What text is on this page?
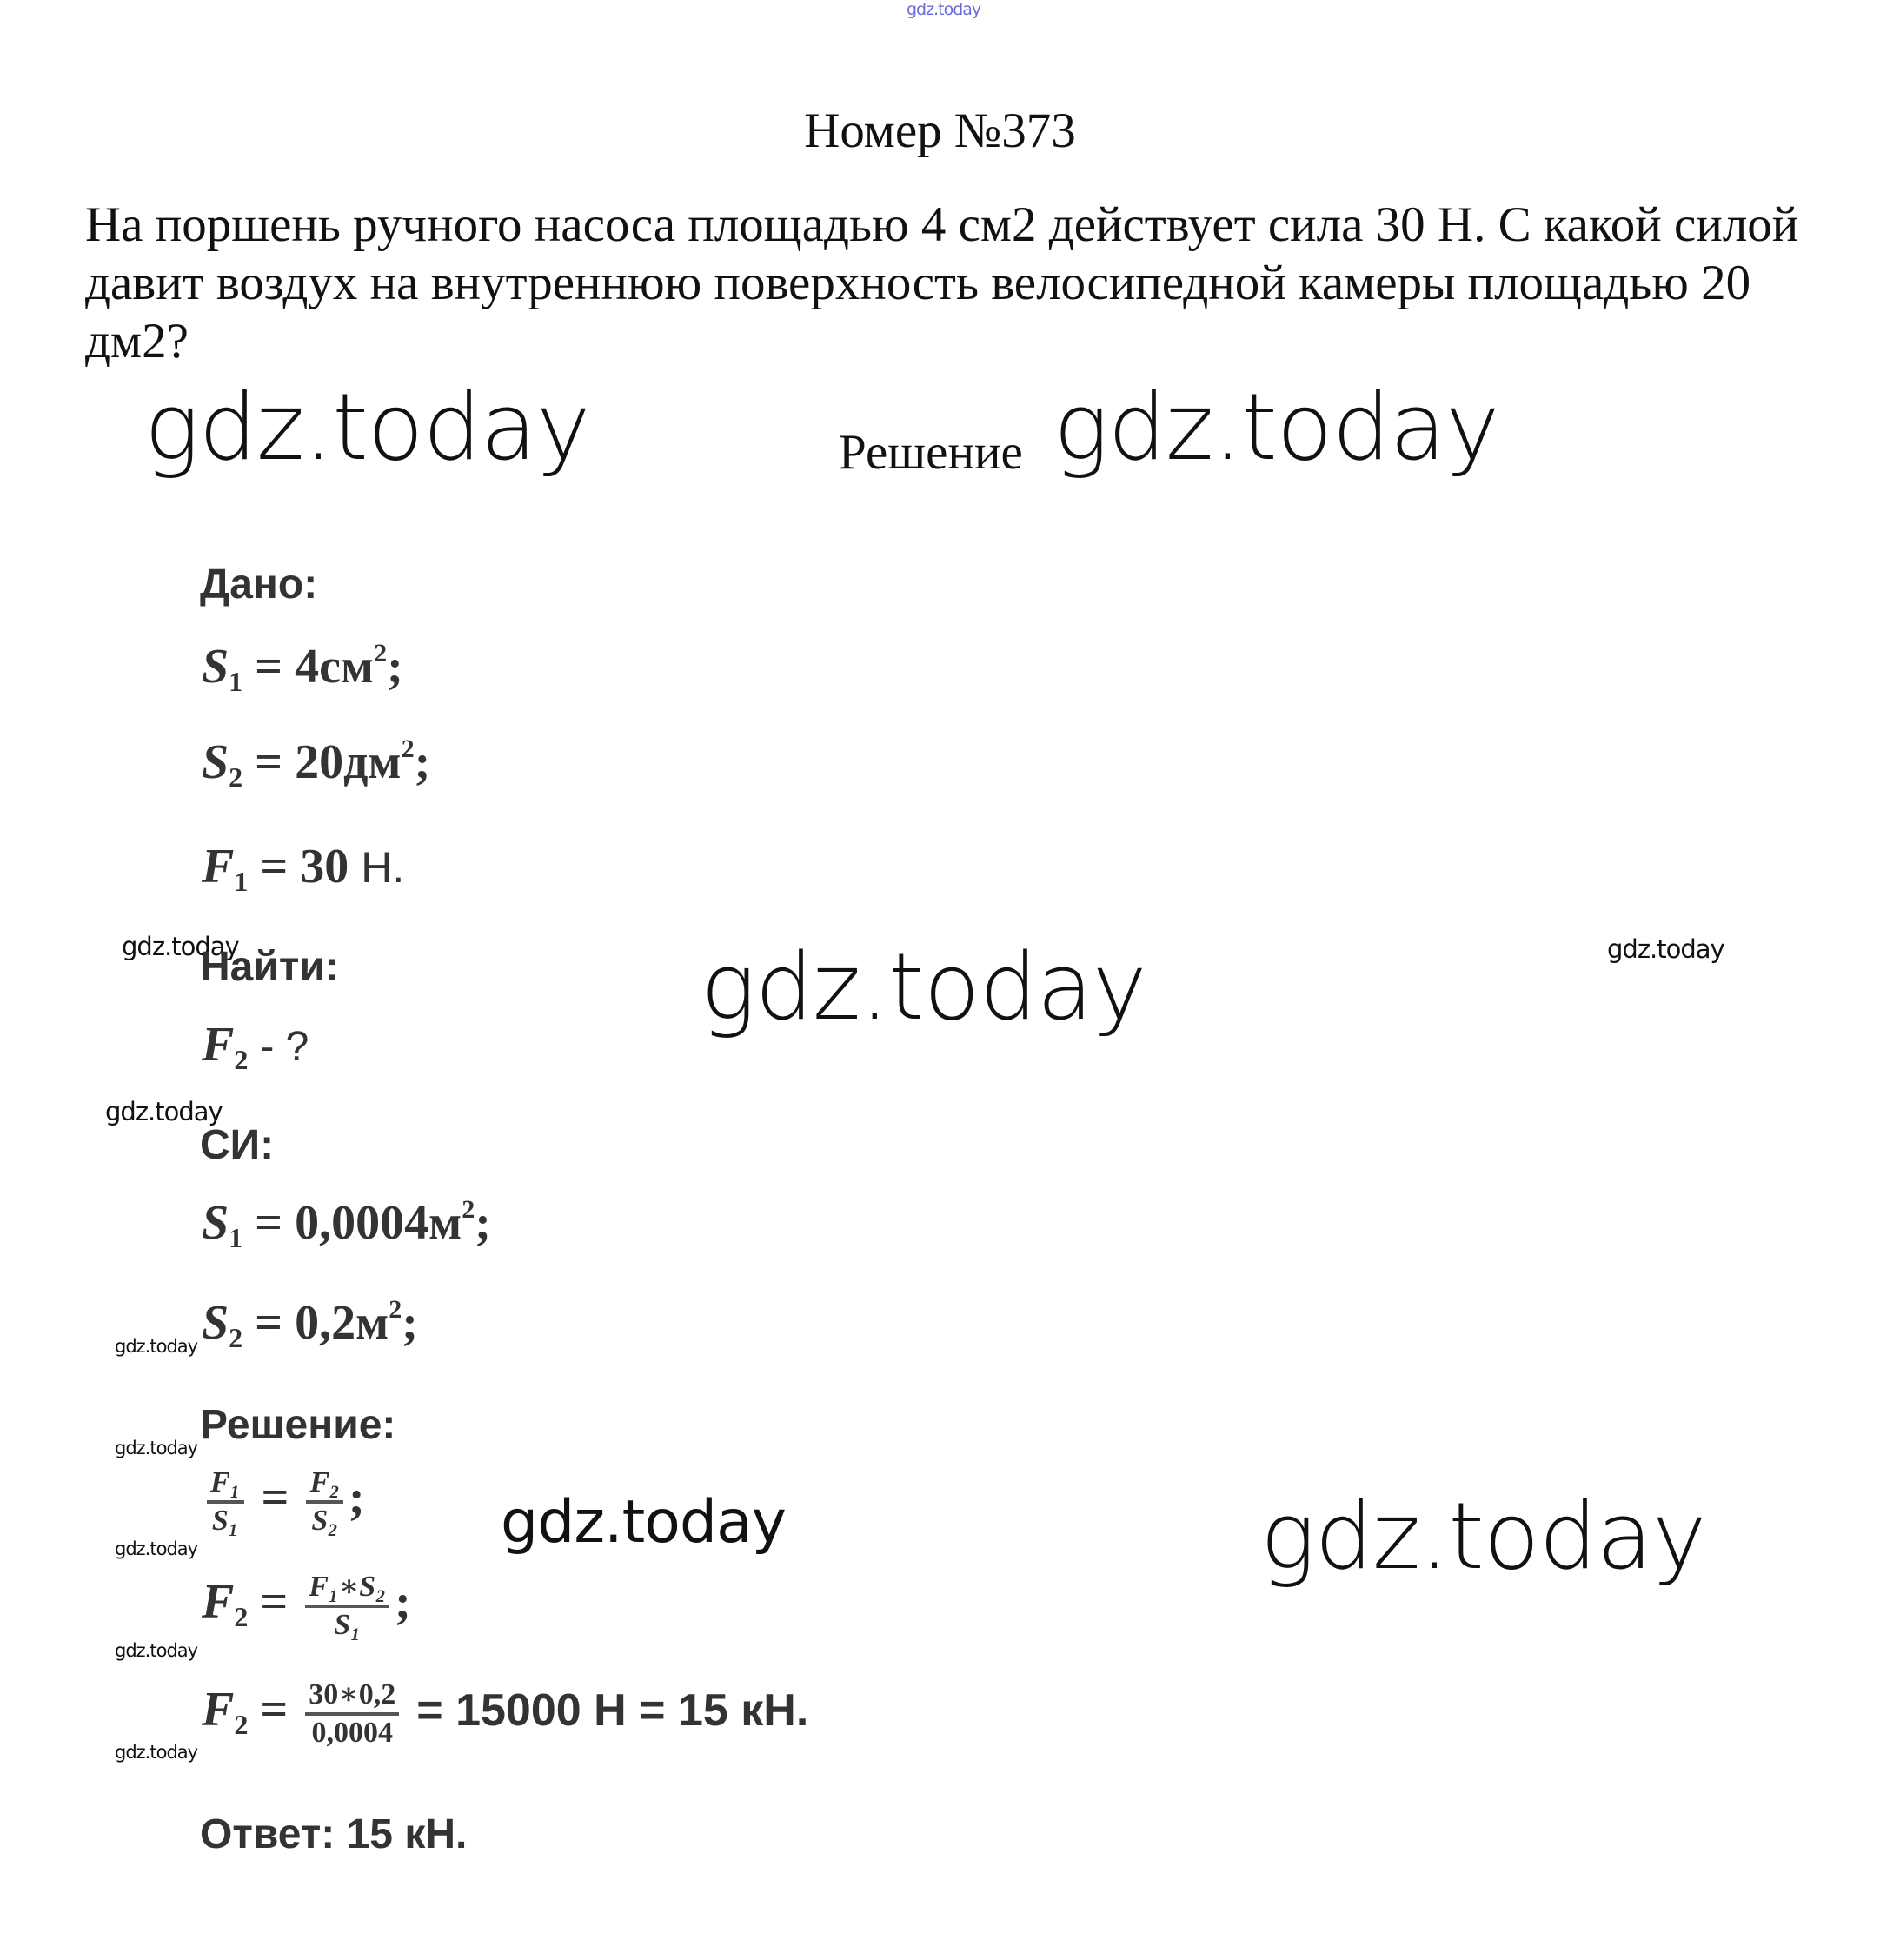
gdz.today
Номер №373
На поршень ручного насоса площадью 4 см2 действует сила 30 Н. С какой силой давит воздух на внутреннюю поверхность велосипедной камеры площадью 20 дм2?
gdz.today	Решение gdz.today
gdz.today
gdz.today
gdz.today
gdz.today	gdz.today
gdz.today
gdz.today
gdz.today
gdz.today
gdz.today
gdz.today
Дано:
$S_1 = 4см^2$;
$S_2 = 20дм^2$;
$F_1 = 30$ Н.
Найти:
$F_2$ - ?
СИ:
$S_1 = 0,0004м^2$;
$S_2 = 0,2м^2$;
Решение:
$\frac{\text{F₁}}{\text{S₁}} = \frac{\text{F₂}}{\text{S₂}}$ ;
$F_2 = \frac{\text{F₁∗S₂}}{\text{S₁}}$ ;
$F_2 = \frac{30∗0,2}{0,0004} = 15000$ Н = 15 кН.
Ответ: 15 кН.
